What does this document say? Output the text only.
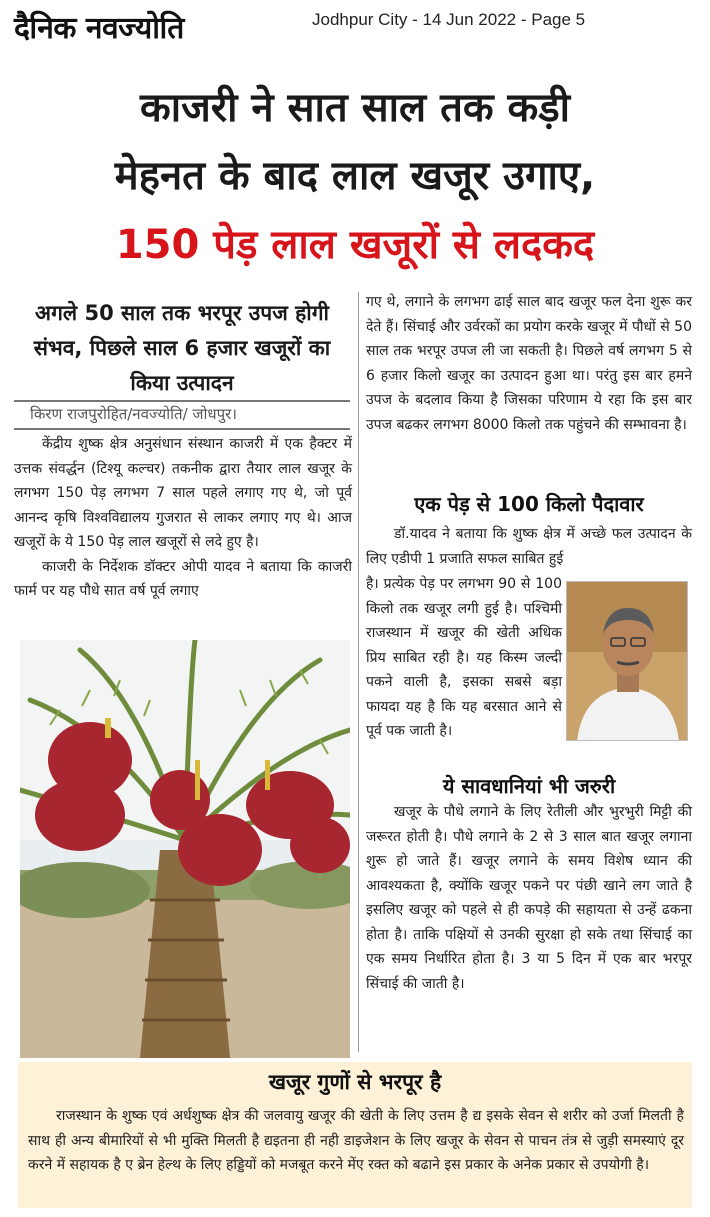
दैनिक नवज्योति	Jodhpur City - 14 Jun 2022 - Page 5
काजरी ने सात साल तक कड़ी
मेहनत के बाद लाल खजूर उगाए,
150 पेड़ लाल खजूरों से लदकद
अगले 50 साल तक भरपूर उपज होगी संभव, पिछले साल 6 हजार खजूरों का किया उत्पादन
किरण राजपुरोहित/नवज्योति/ जोधपुर।

केंद्रीय शुष्क क्षेत्र अनुसंधान संस्थान काजरी में एक हैक्टर में उत्तक संवर्द्धन (टिश्यू कल्चर) तकनीक द्वारा तैयार लाल खजूर के लगभग 150 पेड़ लगभग 7 साल पहले लगाए गए थे, जो पूर्व आनन्द कृषि विश्वविद्यालय गुजरात से लाकर लगाए गए थे। आज खजूरों के ये 150 पेड़ लाल खजूरों से लदे हुए है।

काजरी के निर्देशक डॉक्टर ओपी यादव ने बताया कि काजरी फार्म पर यह पौधे सात वर्ष पूर्व लगाए

गए थे, लगाने के लगभग ढाई साल बाद खजूर फल देना शुरू कर देते हैं। सिंचाई और उर्वरकों का प्रयोग करके खजूर में पौधों से 50 साल तक भरपूर उपज ली जा सकती है। पिछले वर्ष लगभग 5 से 6 हजार किलो खजूर का उत्पादन हुआ था। परंतु इस बार हमने उपज के बदलाव किया है जिसका परिणाम ये रहा कि इस बार उपज बढकर लगभग 8000 किलो तक पहुंचने की सम्भावना है।

एक पेड़ से 100 किलो पैदावार

डॉ.यादव ने बताया कि शुष्क क्षेत्र में अच्छे फल उत्पादन के लिए एडीपी 1 प्रजाति सफल साबित हुई

है। प्रत्येक पेड़ पर लगभग 90 से 100 किलो तक खजूर लगी हुई है। पश्चिमी राजस्थान में खजूर की खेती अधिक प्रिय साबित रही है। यह किस्म जल्दी पकने वाली है, इसका सबसे बड़ा फायदा यह है कि यह बरसात आने से पूर्व पक जाती है।

ये सावधानियां भी जरुरी

खजूर के पौधे लगाने के लिए रेतीली और भुरभुरी मिट्टी की जरूरत होती है। पौधे लगाने के 2 से 3 साल बात खजूर लगाना शुरू हो जाते हैं। खजूर लगाने के समय विशेष ध्यान की आवश्यकता है, क्योंकि खजूर पकने पर पंछी खाने लग जाते है इसलिए खजूर को पहले से ही कपड़े की सहायता से उन्हें ढकना होता है। ताकि पक्षियों से उनकी सुरक्षा हो सके तथा सिंचाई का एक समय निर्धारित होता है। 3 या 5 दिन में एक बार भरपूर सिंचाई की जाती है।

खजूर गुणों से भरपूर है
राजस्थान के शुष्क एवं अर्धशुष्क क्षेत्र की जलवायु खजूर की खेती के लिए उत्तम है द्य इसके सेवन से शरीर को उर्जा मिलती है साथ ही अन्य बीमारियों से भी मुक्ति मिलती है द्यइतना ही नही डाइजेशन के लिए खजूर के सेवन से पाचन तंत्र से जुड़ी समस्याएं दूर करने में सहायक है ए ब्रेन हेल्थ के लिए हड्डियों को मजबूत करने मेंए रक्त को बढाने इस प्रकार के अनेक प्रकार से उपयोगी है।
